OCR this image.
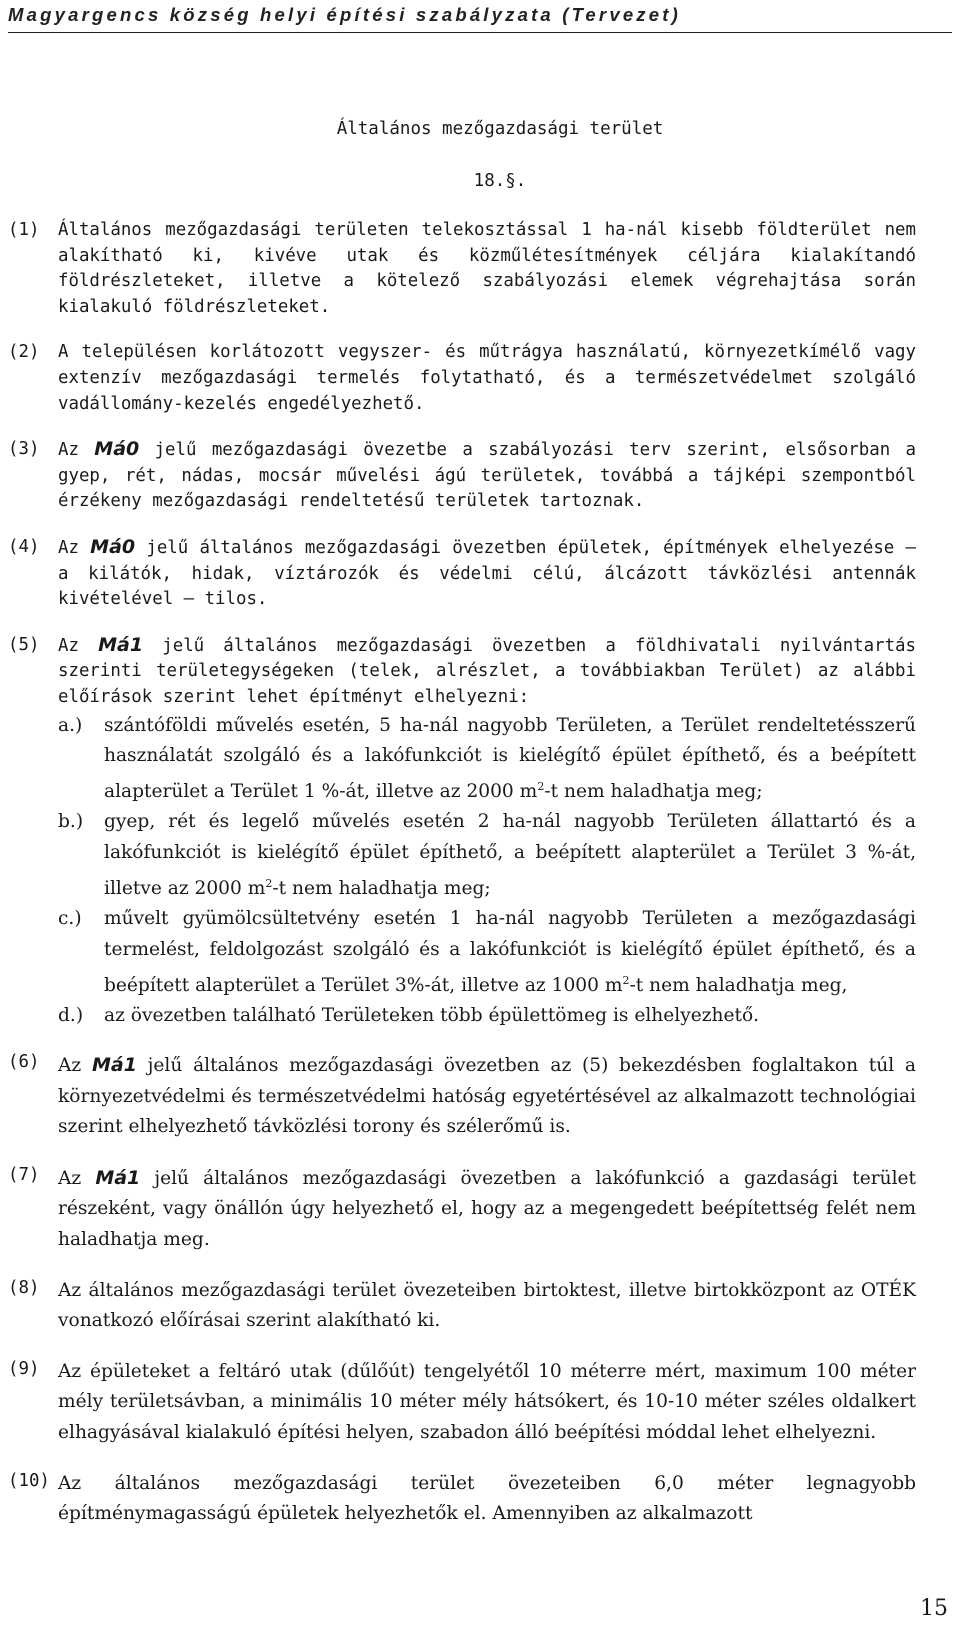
Magyargencs község helyi építési szabályzata (Tervezet)
Általános mezőgazdasági terület
18.§.
(1)	Általános mezőgazdasági területen telekosztással 1 ha-nál kisebb földterület nem alakítható ki, kivéve utak és közműlétesítmények céljára kialakítandó földrészleteket, illetve a kötelező szabályozási elemek végrehajtása során kialakuló földrészleteket.
(2)	A településen korlátozott vegyszer- és műtrágya használatú, környezetkímélő vagy extenzív mezőgazdasági termelés folytatható, és a természetvédelmet szolgáló vadállomány-kezelés engedélyezhető.
(3)	Az Má0 jelű mezőgazdasági övezetbe a szabályozási terv szerint, elsősorban a gyep, rét, nádas, mocsár művelési ágú területek, továbbá a tájképi szempontból érzékeny mezőgazdasági rendeltetésű területek tartoznak.
(4)	Az Má0 jelű általános mezőgazdasági övezetben épületek, építmények elhelyezése – a kilátók, hidak, víztározók és védelmi célú, álcázott távközlési antennák kivételével – tilos.
(5)	Az Má1 jelű általános mezőgazdasági övezetben a földhivatali nyilvántartás szerinti területegységeken (telek, alrészlet, a továbbiakban Terület) az alábbi előírások szerint lehet építményt elhelyezni:
a.)	szántóföldi művelés esetén, 5 ha-nál nagyobb Területen, a Terület rendeltetésszerű használatát szolgáló és a lakófunkciót is kielégítő épület építhető, és a beépített alapterület a Terület 1 %-át, illetve az 2000 $m^2-t$ nem haladhatja meg;
b.)	gyep, rét és legelő művelés esetén 2 ha-nál nagyobb Területen állattartó és a lakófunkciót is kielégítő épület építhető, a beépített alapterület a Terület 3 %-át, illetve az 2000 $m^2-t$ nem haladhatja meg;
c.)	művelt gyümölcsültetvény esetén 1 ha-nál nagyobb Területen a mezőgazdasági termelést, feldolgozást szolgáló és a lakófunkciót is kielégítő épület építhető, és a beépített alapterület a Terület 3%-át, illetve az 1000 $m^2-t$ nem haladhatja meg,
d.)	az övezetben található Területeken több épülettömeg is elhelyezhető.
(6) Az Má1 jelű általános mezőgazdasági övezetben az (5) bekezdésben foglaltakon túl a környezetvédelmi és természetvédelmi hatóság egyetértésével az alkalmazott technológiai szerint elhelyezhető távközlési torony és szélerőmű is.
(7) Az Má1 jelű általános mezőgazdasági övezetben a lakófunkció a gazdasági terület részeként, vagy önállón úgy helyezhető el, hogy az a megengedett beépítettség felét nem haladhatja meg.
(8) Az általános mezőgazdasági terület övezeteiben birtoktest, illetve birtokközpont az OTÉK vonatkozó előírásai szerint alakítható ki.
(9) Az épületeket a feltáró utak (dűlőút) tengelyétől 10 méterre mért, maximum 100 méter mély területsávban, a minimális 10 méter mély hátsókert, és 10-10 méter széles oldalkert elhagyásával kialakuló építési helyen, szabadon álló beépítési móddal lehet elhelyezni.
(10) Az általános mezőgazdasági terület övezeteiben 6,0 méter legnagyobb építménymagasságú épületek helyezhetők el. Amennyiben az alkalmazott
15
